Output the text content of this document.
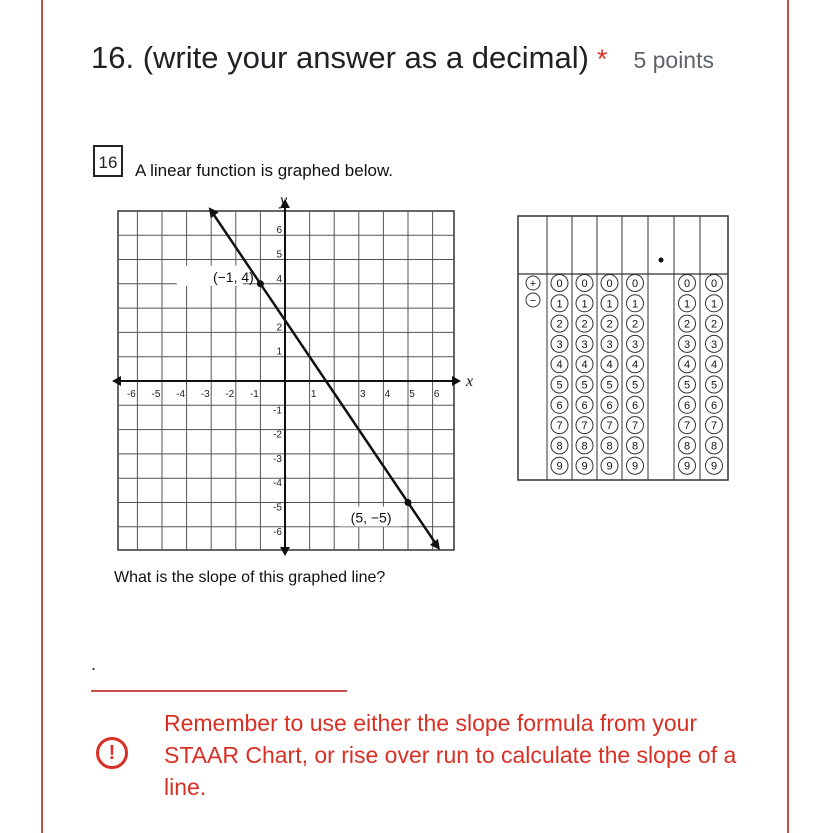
16. (write your answer as a decimal) * 5 points
16 A linear function is graphed below.
x
y
-6 -5 -4 -3 -2 -1	1	3 4 5 6
6
5
4
2
1
-1
-2
-3
-4
-5
-6
(−1, 4)
(5, −5)
What is the slope of this graphed line?
+
−
0
1
2
3
4
5
6
7
8
9
0
1
2
3
4
5
6
7
8
9
0
1
2
3
4
5
6
7
8
9
0
1
2
3
4
5
6
7
8
9
0
1
2
3
4
5
6
7
8
9
0
1
2
3
4
5
6
7
8
9
.
!
Remember to use either the slope formula from your STAAR Chart, or rise over run to calculate the slope of a line.
